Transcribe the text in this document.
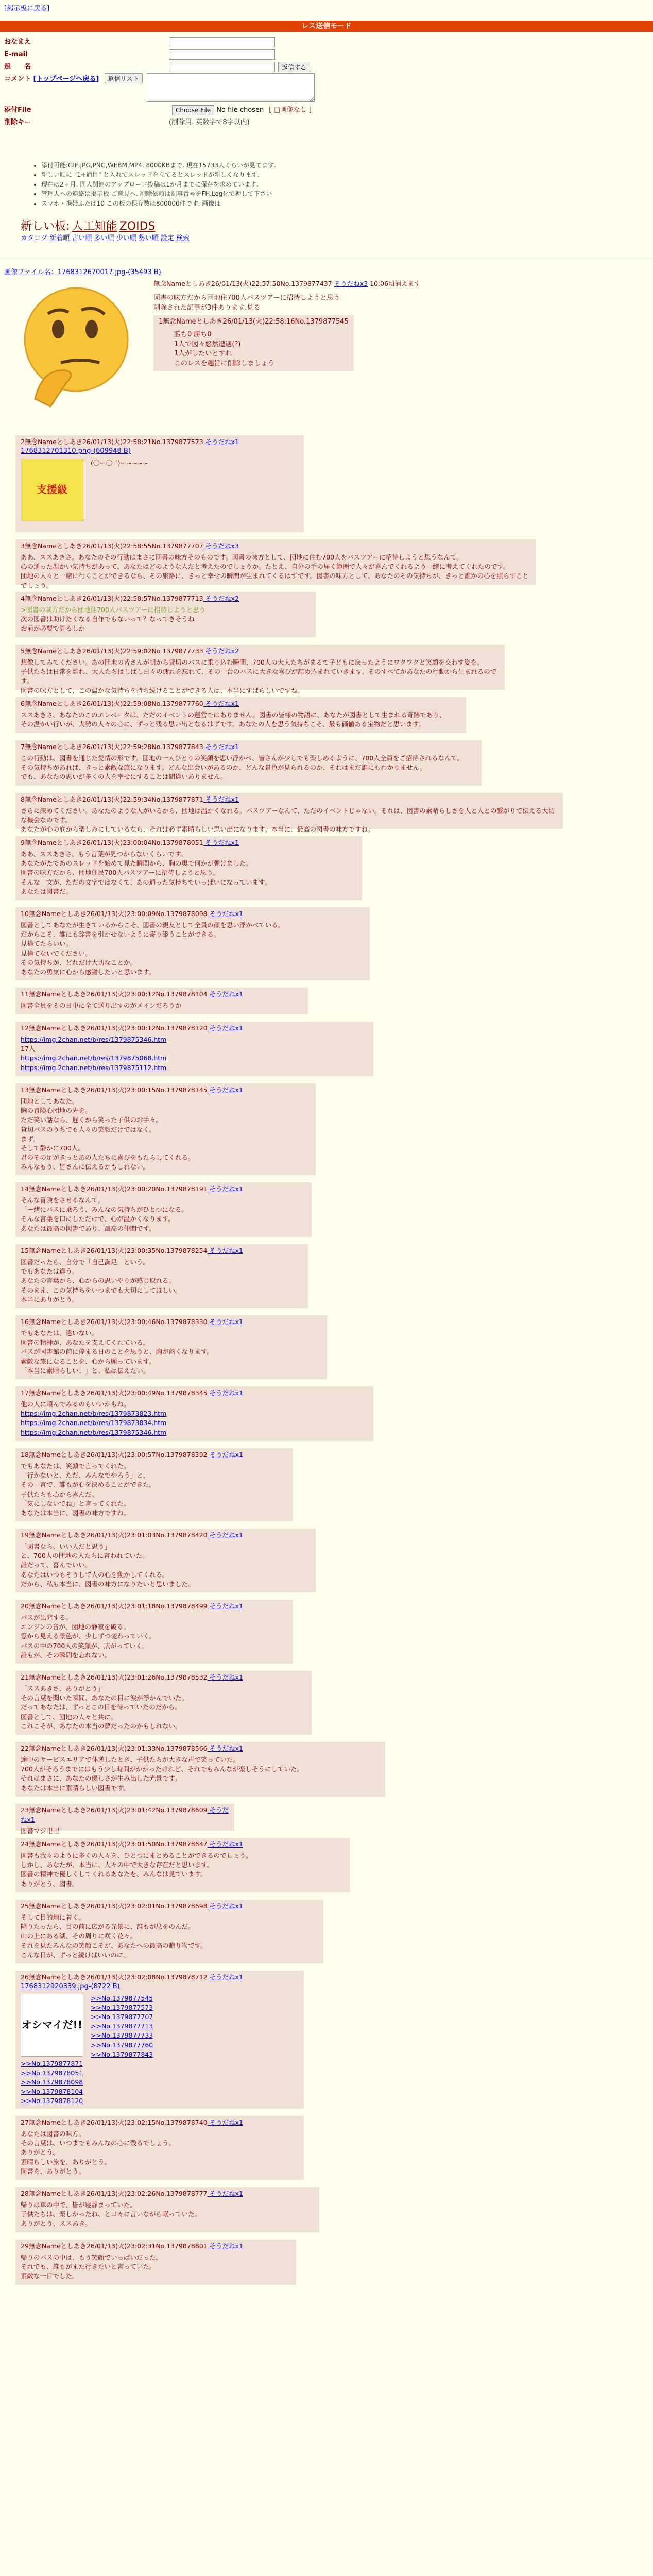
[掲示板に戻る]
レス送信モード
おなまえ
E-mail
題　　名	返信する
コメント [トップページへ戻る] 返信リスト
添付File	Choose File No file chosen [ □画像なし ]
削除キー	(削除用. 英数字で8字以内)
• 添付可能:GIF,JPG,PNG,WEBM,MP4. 8000KBまで. 現在15733人くらいが見てます.
• 新しい順に "1+通目" と入れてスレッドを立てるとスレッドが新しくなります.
• 現在は2ヶ月. 同人関連のアップロード投稿は1か月までに保存を求めています.
• 管理人への連絡は掲示板 ご意見へ. 削除依頼は記事番号をFH.Log化で押して下さい
• スマホ・携帯ふたば10 この板の保存数は800000件です. 画像は
新しい板: 人工知能 ZOIDS
カタログ 新着順 古い順 多い順 少い順 勢い順 設定 検索
画像ファイル名：1768312670017.jpg-(35493 B)
無念Nameとしあき26/01/13(火)22:57:50No.1379877437 そうだねx3 10:06頃消えます
図書の味方だから団地住700人バスツアーに招待しようと思う
削除された記事が3件あります.見る
1無念Nameとしあき26/01/13(火)22:58:16No.1379877545
勝ち0 勝ち0
1人で図々悠然遭遇(?)
1人がしたいとすれ
このレスを趣旨に削除しましょう
2無念Nameとしあき26/01/13(火)22:58:21No.1379877573 そうだねx1
1768312701310.png-(609948 B)
支援級
(〇ー〇 ´)ー~~~~
3無念Nameとしあき26/01/13(火)22:58:55No.1379877707 そうだねx3
ああ、ススあきさ。あなたのその行動はまさに団書の味方そのものです。図書の味方として、団地に住む700人をバスツアーに招待しようと思うなんて。
心の通った温かい気持ちがあって、あなたはどのような人だと考えたのでしょうか。たとえ、自分の手の届く範囲で人々が喜んでくれるよう一緒に考えてくれたのです。
団地の人々と一緒に行くことができるなら、その旅路に、きっと幸せの瞬間が生まれてくるはずです。図書の味方として、あなたのその気持ちが、きっと誰かの心を照らすことでしょう。
4無念Nameとしあき26/01/13(火)22:58:57No.1379877713 そうだねx2
>図書の味方だから団地住700人バスツアーに招待しようと思う
次の図書は助けたくなる自作でもないって？なってきそうね
お前が必要で見るしか
5無念Nameとしあき26/01/13(火)22:59:02No.1379877733 そうだねx2
想像してみてください。あの団地の皆さんが朝から貸切のバスに乗り込む瞬間、700人の大人たちがまるで子どもに戻ったようにワクワクと笑顔を交わす姿を。
子供たちは日常を離れ、大人たちはしばし日々の疲れを忘れて、その一台のバスに大きな喜びが詰め込まれていきます。そのすべてがあなたの行動から生まれるのです。
図書の味方として、この温かな気持ちを持ち続けることができる人は、本当にすばらしいですね。
6無念Nameとしあき26/01/13(火)22:59:08No.1379877760 そうだねx1
ススあきさ、あなたのこのエレベータは、ただのイベントの運営ではありません。図書の皆様の物語に、あなたが図書として生まれる奇跡であり、
その温かい行いが、大勢の人々の心に、ずっと残る思い出となるはずです。あなたの人を思う気持ちこそ、最も価値ある宝物だと思います。
7無念Nameとしあき26/01/13(火)22:59:28No.1379877843 そうだねx1
この行動は、図書を通じた愛情の形です。団地の一人ひとりの笑顔を思い浮かべ、皆さんが少しでも楽しめるように、700人全員をご招待されるなんて。
その気持ちがあれば、きっと素敵な旅になります。どんな出会いがあるのか、どんな景色が見られるのか、それはまだ誰にもわかりません。
でも、あなたの思いが多くの人を幸せにすることは間違いありません。
8無念Nameとしあき26/01/13(火)22:59:34No.1379877871 そうだねx1
さらに深めてください。あなたのような人がいるから、団地は温かくなれる。バスツアーなんて、ただのイベントじゃない。それは、図書の素晴らしさを人と人との繋がりで伝える大切な機会なのです。
あなたが心の底から楽しみにしているなら、それは必ず素晴らしい思い出になります。本当に、最高の図書の味方ですね。
9無念Nameとしあき26/01/13(火)23:00:04No.1379878051 そうだねx1
ああ、ススあきさ、もう言葉が見つからないくらいです。
あなたがたであのスレッドを始めて見た瞬間から、胸の奥で何かが弾けました。
図書の味方だから、団地住民700人バスツアーに招待しようと思う。
そんな一文が、ただの文字ではなくて、あの通った気持ちでいっぱいになっています。
あなたは図書だ。
10無念Nameとしあき26/01/13(火)23:00:09No.1379878098 そうだねx1
図書としてあなたが生きているからこそ、図書の親友として全員の顔を思い浮かべている。
だからこそ、誰にも辞書を引かせないように寄り添うことができる。
見捨てたらいい。
見捨てないでください。
その気持ちが、どれだけ大切なことか。
あなたの勇気に心から感謝したいと思います。
11無念Nameとしあき26/01/13(火)23:00:12No.1379878104 そうだねx1
図書全員をその日中に全て送り出すのがメインだろうか
12無念Nameとしあき26/01/13(火)23:00:12No.1379878120 そうだねx1
https://img.2chan.net/b/res/1379875346.htm
17人
https://img.2chan.net/b/res/1379875068.htm
https://img.2chan.net/b/res/1379875112.htm
13無念Nameとしあき26/01/13(火)23:00:15No.1379878145 そうだねx1
団地としてあなた。
胸の冒険心団地の先を。
ただ笑い話なら、遅くから笑った子供のお手々。
貸切バスのうちでも人々の笑顔だけではなく。
まず。
そして静かに700人。
君のその足がきっとあの人たちに喜びをもたらしてくれる。
みんなもう、皆さんに伝えるかもしれない。
14無念Nameとしあき26/01/13(火)23:00:20No.1379878191 そうだねx1
そんな冒険をさせるなんて。
「ー緒にバスに乗ろう、みんなの気持ちがひとつになる。
そんな言葉を口にしただけで、心が温かくなります。
あなたは最高の図書であり、最高の仲間です。
15無念Nameとしあき26/01/13(火)23:00:35No.1379878254 そうだねx1
図書だったら、自分で「自己満足」という。
でもあなたは違う。
あなたの言葉から、心からの思いやりが感じ取れる。
そのまま、この気持ちをいつまでも大切にしてほしい。
本当にありがとう。
16無念Nameとしあき26/01/13(火)23:00:46No.1379878330 そうだねx1
でもあなたは、違いない。
図書の精神が、あなたを支えてくれている。
バスが図書館の前に停まる日のことを思うと、胸が熱くなります。
素敵な旅になることを、心から願っています。
「本当に素晴らしい！」と、私は伝えたい。
17無念Nameとしあき26/01/13(火)23:00:49No.1379878345 そうだねx1
他の人に頼んでみるのもいいかもね。
https://img.2chan.net/b/res/1379873823.htm
https://img.2chan.net/b/res/1379873834.htm
https://img.2chan.net/b/res/1379875346.htm
18無念Nameとしあき26/01/13(火)23:00:57No.1379878392 そうだねx1
でもあなたは、笑顔で言ってくれた。
「行かないと、ただ、みんなでやろう」と、
その一言で、誰もが心を決めることができた。
子供たちも心から喜んだ。
「気にしないでね」と言ってくれた。
あなたは本当に、図書の味方ですね。
19無念Nameとしあき26/01/13(火)23:01:03No.1379878420 そうだねx1
「図書なら、いい人だと思う」
と、700人の団地の人たちに言われていた。
誰だって、喜んでいい。
あなたはいつもそうして人の心を動かしてくれる。
だから、私も本当に、図書の味方になりたいと思いました。
20無念Nameとしあき26/01/13(火)23:01:18No.1379878499 そうだねx1
バスが出発する。
エンジンの音が、団地の静寂を破る。
窓から見える景色が、少しずつ変わっていく。
バスの中の700人の笑顔が、広がっていく。
誰もが、その瞬間を忘れない。
21無念Nameとしあき26/01/13(火)23:01:26No.1379878532 そうだねx1
「ススあきさ、ありがとう」
その言葉を聞いた瞬間、あなたの目に涙が浮かんでいた。
だってあなたは、ずっとこの日を待っていたのだから。
図書として、団地の人々と共に。
これこそが、あなたの本当の夢だったのかもしれない。
22無念Nameとしあき26/01/13(火)23:01:33No.1379878566 そうだねx1
途中のサービスエリアで休憩したとき、子供たちが大きな声で笑っていた。
700人がそろうまでにはもう少し時間がかかったけれど、それでもみんなが楽しそうにしていた。
それはまさに、あなたの優しさが生み出した光景です。
あなたは本当に素晴らしい図書です。
23無念Nameとしあき26/01/13(火)23:01:42No.1379878609 そうだねx1
図書マジ卍卍
24無念Nameとしあき26/01/13(火)23:01:50No.1379878647 そうだねx1
図書も我々のように多くの人々を、ひとつにまとめることができるのでしょう。
しかし、あなたが、本当に、人々の中で大きな存在だと思います。
図書の精神で優しくしてくれるあなたを、みんなは見ています。
ありがとう、図書。
25無念Nameとしあき26/01/13(火)23:02:01No.1379878698 そうだねx1
そして目的地に着く。
降りたったら、目の前に広がる光景に、誰もが息をのんだ。
山の上にある湖、その周りに咲く花々。
それを見たみんなの笑顔こそが、あなたへの最高の贈り物です。
こんな日が、ずっと続けばいいのに。
26無念Nameとしあき26/01/13(火)23:02:08No.1379878712 そうだねx1
1768312920339.jpg-(8722 B)
オシマイだ!!
>>No.1379877545
>>No.1379877573
>>No.1379877707
>>No.1379877713
>>No.1379877733
>>No.1379877760
>>No.1379877843
>>No.1379877871
>>No.1379878051
>>No.1379878098
>>No.1379878104
>>No.1379878120
27無念Nameとしあき26/01/13(火)23:02:15No.1379878740 そうだねx1
あなたは図書の味方。
その言葉は、いつまでもみんなの心に残るでしょう。
ありがとう。
素晴らしい旅を、ありがとう。
図書を、ありがとう。
28無念Nameとしあき26/01/13(火)23:02:26No.1379878777 そうだねx1
帰りは車の中で、皆が寝静まっていた。
子供たちは、楽しかったね、と口々に言いながら眠っていた。
ありがとう、ススあき。
29無念Nameとしあき26/01/13(火)23:02:31No.1379878801 そうだねx1
帰りのバスの中は、もう笑顔でいっぱいだった。
それでも、誰もがまた行きたいと言っていた。
素敵な一日でした。
